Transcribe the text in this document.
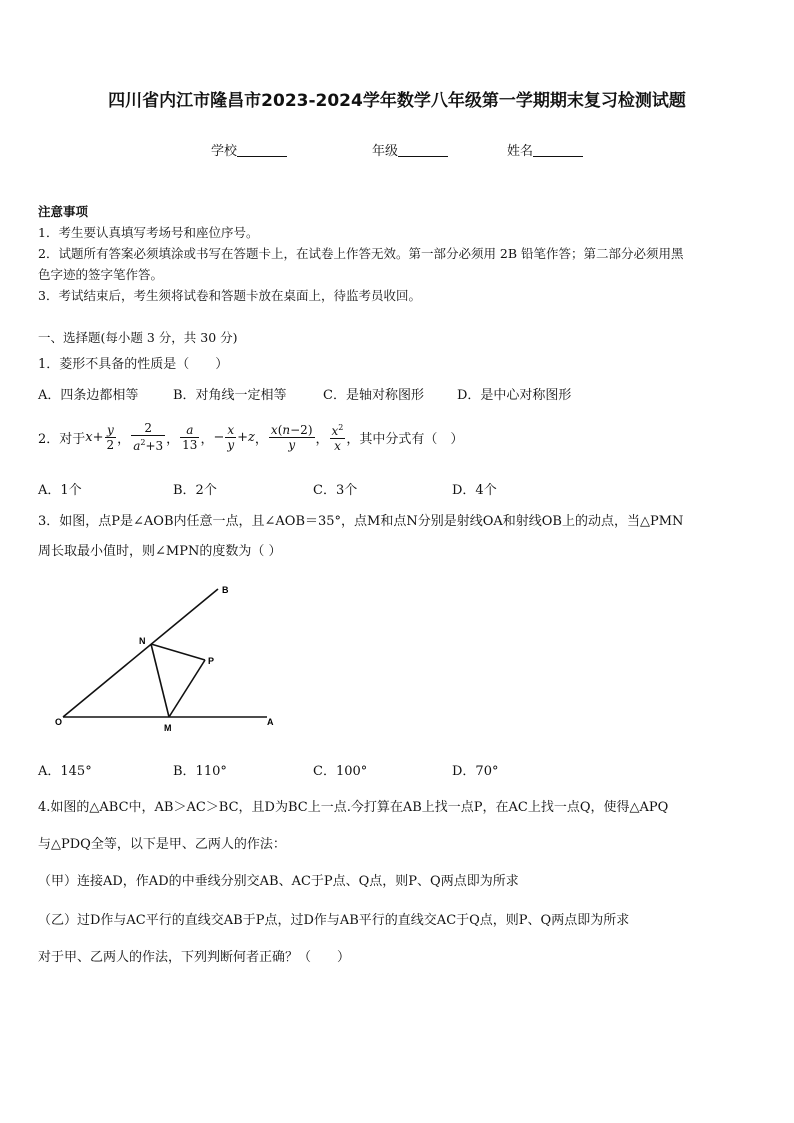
四川省内江市隆昌市2023-2024学年数学八年级第一学期期末复习检测试题
学校	年级	姓名
注意事项
1．考生要认真填写考场号和座位序号。
2．试题所有答案必须填涂或书写在答题卡上，在试卷上作答无效。第一部分必须用 2B 铅笔作答；第二部分必须用黑
色字迹的签字笔作答。
3．考试结束后，考生须将试卷和答题卡放在桌面上，待监考员收回。
一、选择题(每小题 3 分，共 30 分)
1．菱形不具备的性质是（　　）
A．四条边都相等	B．对角线一定相等	C．是轴对称图形	D．是中心对称图形
2．对于 $x+ \frac{y}{2}$ ， $\frac{2}{a^2+3}$ ， $\frac{a}{13}$ ， − $\frac{x}{y} +z$ ， $\frac{x(n-2)}{y}$ ， $\frac{x^2}{x}$ ，其中分式有（　）
A．1个	B．2个	C．3个	D．4个
3．如图，点P是∠AOB内任意一点，且∠AOB＝35°，点M和点N分别是射线OA和射线OB上的动点，当△PMN
周长取最小值时，则∠MPN的度数为（ ）
B
N
P
O
M
A
A．145°	B．110°	C．100°	D．70°
4.如图的△ABC中，AB＞AC＞BC，且D为BC上一点.今打算在AB上找一点P，在AC上找一点Q，使得△APQ
与△PDQ全等，以下是甲、乙两人的作法：
（甲）连接AD，作AD的中垂线分别交AB、AC于P点、Q点，则P、Q两点即为所求
（乙）过D作与AC平行的直线交AB于P点，过D作与AB平行的直线交AC于Q点，则P、Q两点即为所求
对于甲、乙两人的作法，下列判断何者正确？（　　）
